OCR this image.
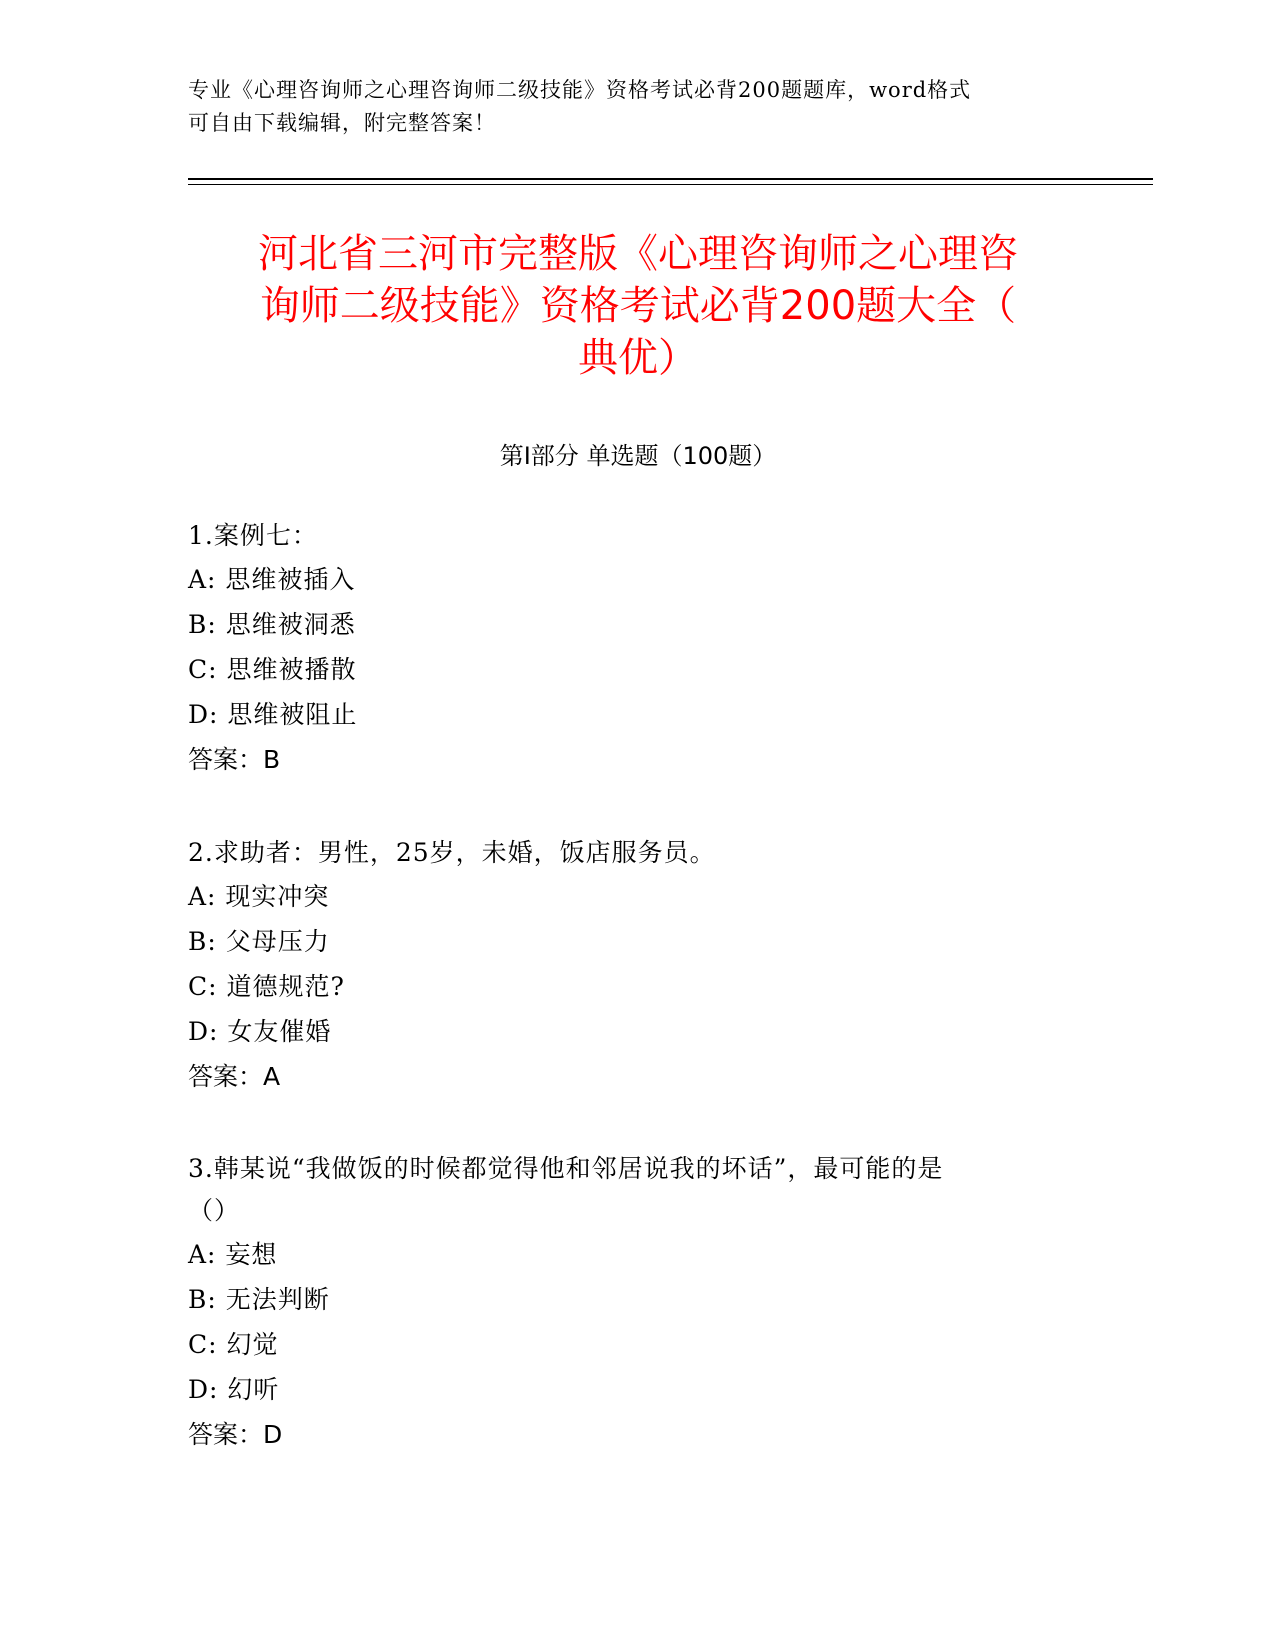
专业《心理咨询师之心理咨询师二级技能》资格考试必背200题题库，word格式
可自由下载编辑，附完整答案！
河北省三河市完整版《心理咨询师之心理咨
询师二级技能》资格考试必背200题大全（
典优）
第Ⅰ部分 单选题（100题）
1.案例七：
A: 思维被插入
B: 思维被洞悉
C: 思维被播散
D: 思维被阻止
答案：B
2.求助者：男性，25岁，未婚，饭店服务员。
A: 现实冲突
B: 父母压力
C: 道德规范?
D: 女友催婚
答案：A
3.韩某说“我做饭的时候都觉得他和邻居说我的坏话”，最可能的是
（）
A: 妄想
B: 无法判断
C: 幻觉
D: 幻听
答案：D
